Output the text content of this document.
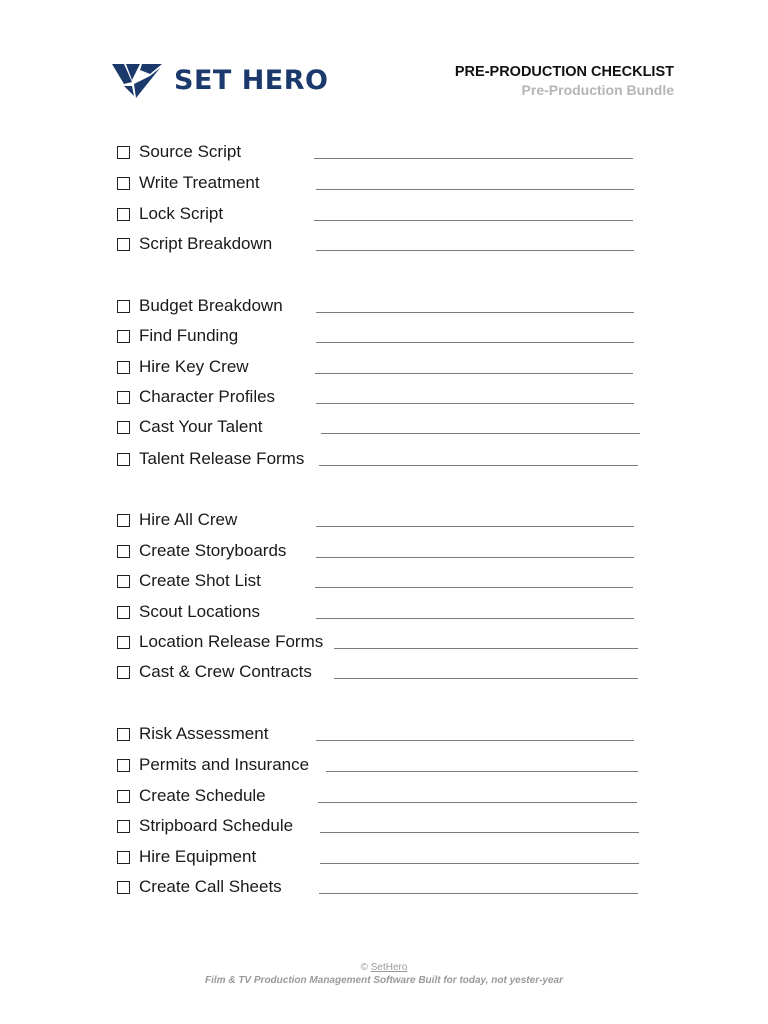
SET HERO	PRE-PRODUCTION CHECKLIST
Pre-Production Bundle
Source Script
Write Treatment
Lock Script
Script Breakdown
Budget Breakdown
Find Funding
Hire Key Crew
Character Profiles
Cast Your Talent
Talent Release Forms
Hire All Crew
Create Storyboards
Create Shot List
Scout Locations
Location Release Forms
Cast & Crew Contracts
Risk Assessment
Permits and Insurance
Create Schedule
Stripboard Schedule
Hire Equipment
Create Call Sheets
© SetHero
Film & TV Production Management Software Built for today, not yester-year
